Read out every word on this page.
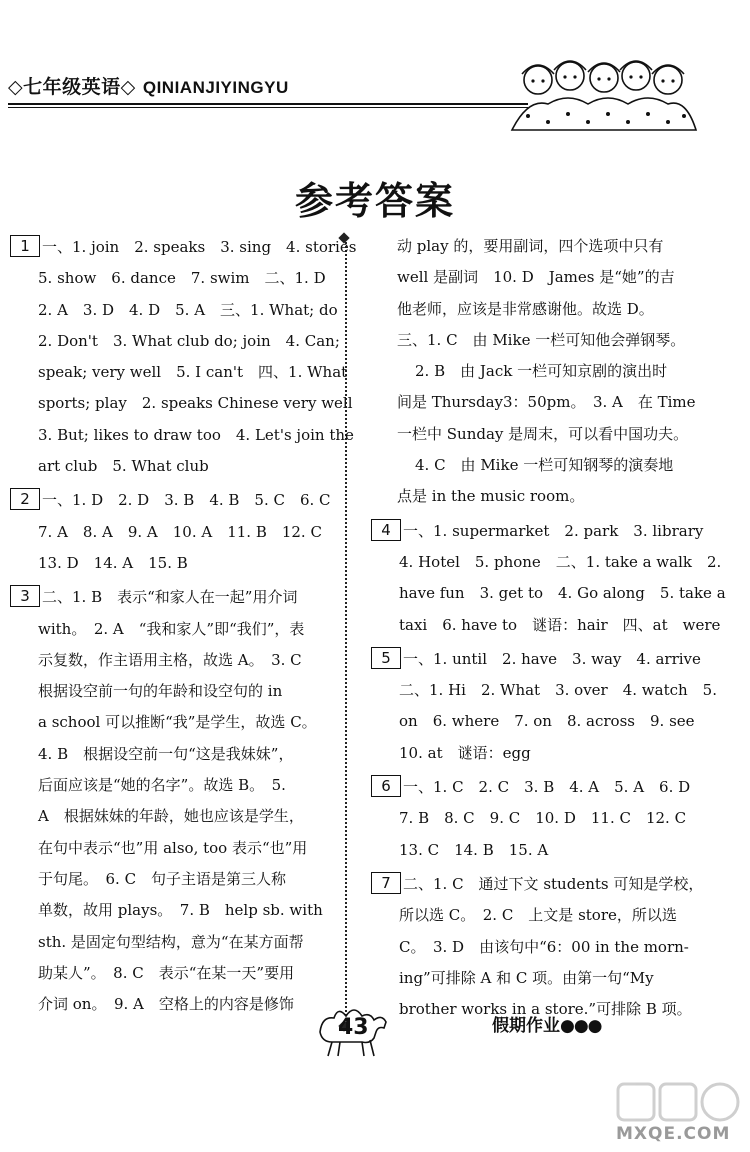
◇七年级英语◇ QINIANJIYINGYU
参考答案
1 一、1. join　2. speaks　3. sing　4. stories
5. show　6. dance　7. swim　二、1. D
2. A　3. D　4. D　5. A　三、1. What; do
2. Don't　3. What club do; join　4. Can;
speak; very well　5. I can't　四、1. What
sports; play　2. speaks Chinese very well
3. But; likes to draw too　4. Let's join the
art club　5. What club
2 一、1. D　2. D　3. B　4. B　5. C　6. C
7. A　8. A　9. A　10. A　11. B　12. C
13. D　14. A　15. B
3 二、1. B　表示“和家人在一起”用介词
with。　2. A　“我和家人”即“我们”，表
示复数，作主语用主格，故选 A。　3. C
根据设空前一句的年龄和设空句的 in
a school 可以推断“我”是学生，故选 C。
4. B　根据设空前一句“这是我妹妹”，
后面应该是“她的名字”。故选 B。　5.
A　根据妹妹的年龄，她也应该是学生，
在句中表示“也”用 also, too 表示“也”用
于句尾。　6. C　句子主语是第三人称
单数，故用 plays。　7. B　help sb. with
sth. 是固定句型结构，意为“在某方面帮
助某人”。　8. C　表示“在某一天”要用
介词 on。　9. A　空格上的内容是修饰
动 play 的，要用副词，四个选项中只有
well 是副词　10. D　James 是“她”的吉
他老师，应该是非常感谢他。故选 D。
三、1. C　由 Mike 一栏可知他会弹钢琴。
2. B　由 Jack 一栏可知京剧的演出时
间是 Thursday3：50pm。　3. A　在 Time
一栏中 Sunday 是周末，可以看中国功夫。
4. C　由 Mike 一栏可知钢琴的演奏地
点是 in the music room。
4 一、1. supermarket　2. park　3. library
4. Hotel　5. phone　二、1. take a walk　2.
have fun　3. get to　4. Go along　5. take a
taxi　6. have to　谜语：hair　四、at　were
5 一、1. until　2. have　3. way　4. arrive
二、1. Hi　2. What　3. over　4. watch　5.
on　6. where　7. on　8. across　9. see
10. at　谜语：egg
6 一、1. C　2. C　3. B　4. A　5. A　6. D
7. B　8. C　9. C　10. D　11. C　12. C
13. C　14. B　15. A
7 二、1. C　通过下文 students 可知是学校，
所以选 C。　2. C　上文是 store，所以选
C。　3. D　由该句中“6：00 in the morn-
ing”可排除 A 和 C 项。由第一句“My
brother works in a store.”可排除 B 项。
43	假期作业●●●
MXQE.COM
